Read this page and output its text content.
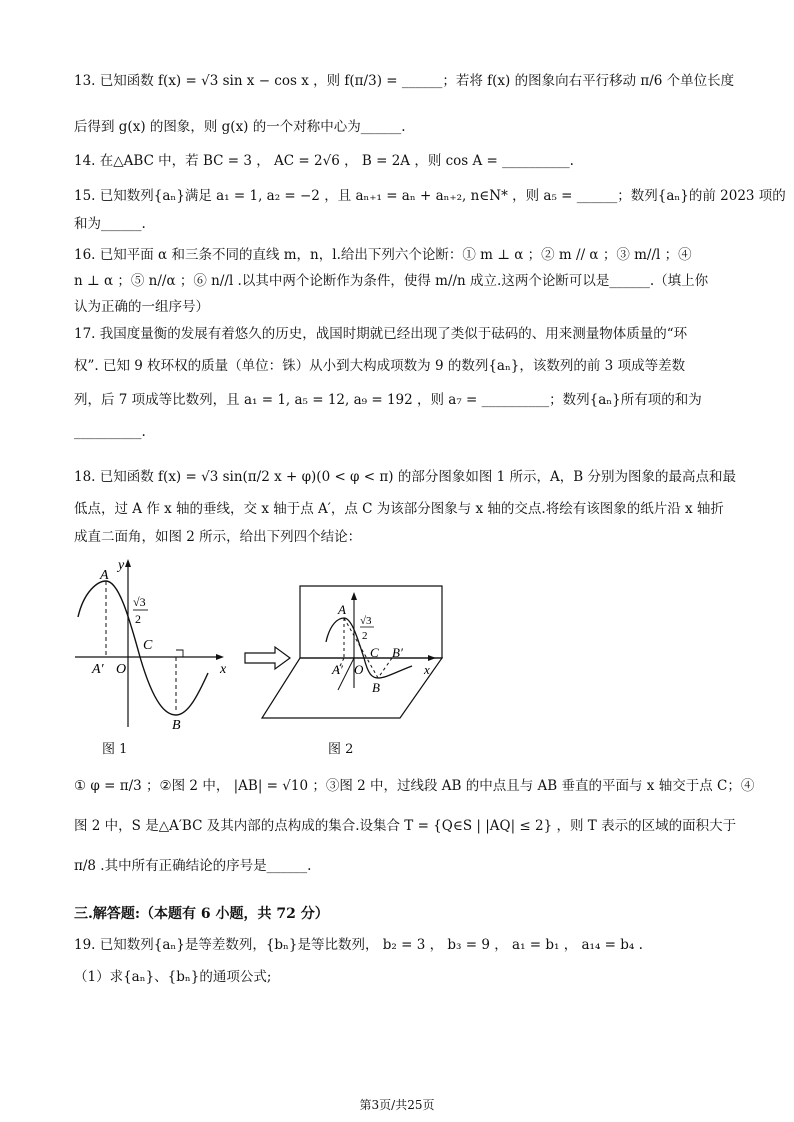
13. 已知函数 f(x) = √3 sin x − cos x ，则 f(π/3) = ______；若将 f(x) 的图象向右平行移动 π/6 个单位长度
后得到 g(x) 的图象，则 g(x) 的一个对称中心为______.
14. 在△ABC 中，若 BC = 3 ， AC = 2√6 ， B = 2A ，则 cos A = __________.
15. 已知数列{aₙ}满足 a₁ = 1, a₂ = −2 ，且 aₙ₊₁ = aₙ + aₙ₊₂, n∈N* ，则 a₅ = ______；数列{aₙ}的前 2023 项的
和为______.
16. 已知平面 α 和三条不同的直线 m，n，l.给出下列六个论断：① m ⊥ α ；② m // α ；③ m//l ；④
n ⊥ α ；⑤ n//α ；⑥ n//l .以其中两个论断作为条件，使得 m//n 成立.这两个论断可以是______.（填上你
认为正确的一组序号）
17. 我国度量衡的发展有着悠久的历史，战国时期就已经出现了类似于砝码的、用来测量物体质量的“环
权”. 已知 9 枚环权的质量（单位：铢）从小到大构成项数为 9 的数列{aₙ}，该数列的前 3 项成等差数
列，后 7 项成等比数列，且 a₁ = 1, a₅ = 12, a₉ = 192 ，则 a₇ = __________；数列{aₙ}所有项的和为
__________.
18. 已知函数 f(x) = √3 sin(π/2 x + φ)(0 < φ < π) 的部分图象如图 1 所示，A，B 分别为图象的最高点和最
低点，过 A 作 x 轴的垂线，交 x 轴于点 A′，点 C 为该部分图象与 x 轴的交点.将绘有该图象的纸片沿 x 轴折
成直二面角，如图 2 所示，给出下列四个结论：
A
A′ O
C
B
x
y
√3
2
A
A′ O
C
B
B′
x
√3
2
图 1	图 2
① φ = π/3 ；②图 2 中， |AB| = √10 ；③图 2 中，过线段 AB 的中点且与 AB 垂直的平面与 x 轴交于点 C；④
图 2 中，S 是△A′BC 及其内部的点构成的集合.设集合 T = {Q∈S | |AQ| ≤ 2} ，则 T 表示的区域的面积大于
π/8 .其中所有正确结论的序号是______.
三.解答题:（本题有 6 小题，共 72 分）
19. 已知数列{aₙ}是等差数列，{bₙ}是等比数列， b₂ = 3 ， b₃ = 9 ， a₁ = b₁ ， a₁₄ = b₄ .
（1）求{aₙ}、{bₙ}的通项公式;
第3页/共25页
